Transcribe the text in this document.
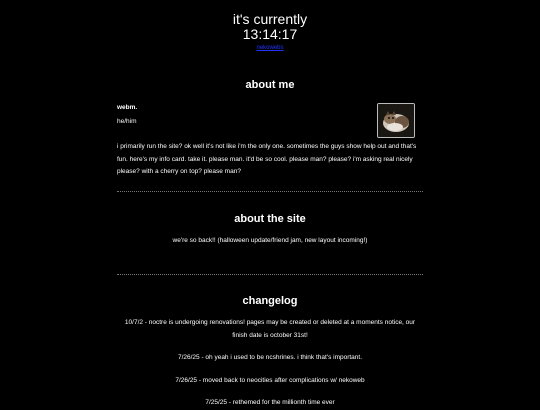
it's currently
13:14:17
nekowebs
about me

webm.

he/him

i primarily run the site? ok well it's not like i'm the only one. sometimes the guys show help out and that's fun. here's my info card. take it. please man. it'd be so cool. please man? please? i'm asking real nicely please? with a cherry on top? please man?

about the site

we're so back!! (halloween update/friend jam, new layout incoming!)

changelog

10/7/2 - noctre is undergoing renovations! pages may be created or deleted at a moments notice, our finish date is october 31st!

7/26/25 - oh yeah i used to be ncshrines. i think that's important.

7/26/25 - moved back to neocities after complications w/ nekoweb

7/25/25 - rethemed for the millionth time ever
